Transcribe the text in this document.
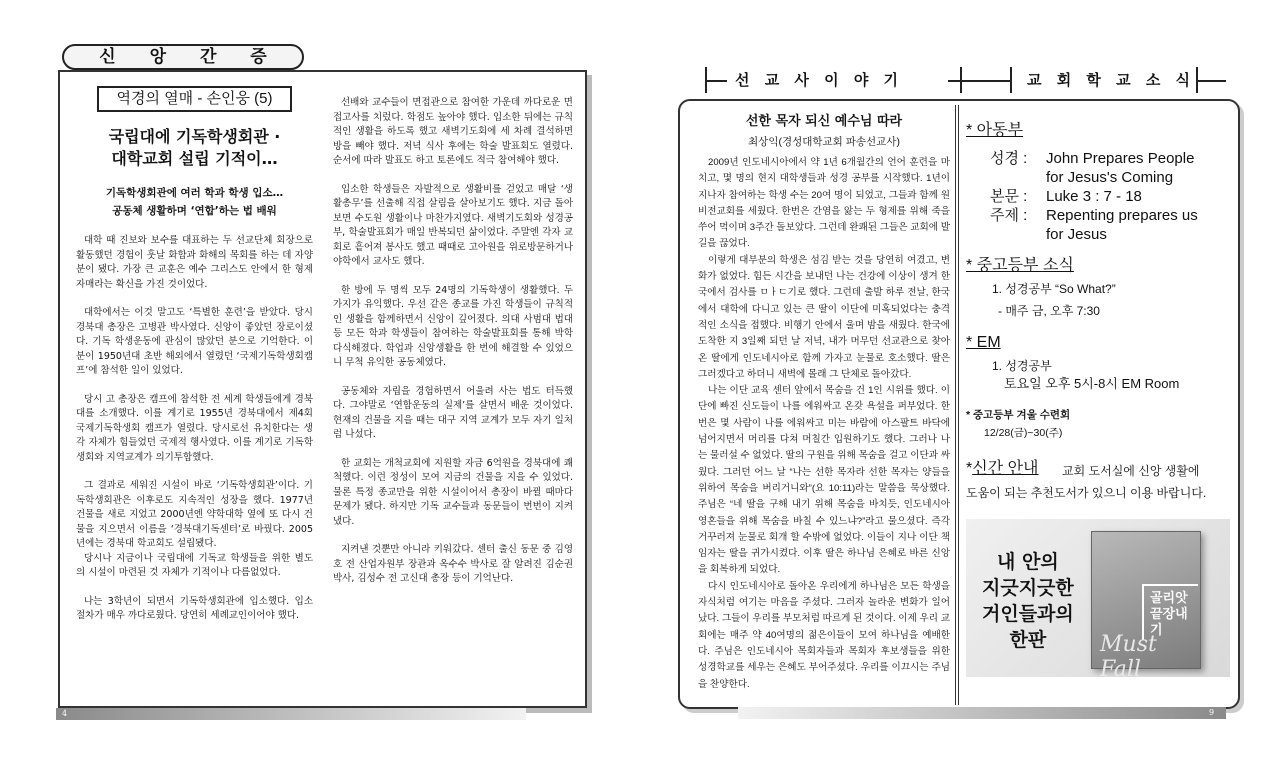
신 앙 간 증
역경의 열매 - 손인웅 (5)
국립대에 기독학생회관 ·
대학교회 설립 기적이…
기독학생회관에 여러 학과 학생 입소…
공동체 생활하며 ‘연합’하는 법 배워

대학 때 진보와 보수를 대표하는 두 선교단체 회장으로 활동했던 경험이 훗날 화합과 화해의 목회를 하는 데 자양분이 됐다. 가장 큰 교훈은 예수 그리스도 안에서 한 형제자매라는 확신을 가진 것이었다.

대학에서는 이것 말고도 ‘특별한 훈련’을 받았다. 당시 경북대 총장은 고병관 박사였다. 신앙이 좋았던 장로이셨다. 기독 학생운동에 관심이 많았던 분으로 기억한다. 이분이 1950년대 초반 해외에서 열렸던 ‘국제기독학생회캠프’에 참석한 일이 있었다.

당시 고 총장은 캠프에 참석한 전 세계 학생들에게 경북대를 소개했다. 이를 계기로 1955년 경북대에서 제4회 국제기독학생회 캠프가 열렸다. 당시로선 유치한다는 생각 자체가 힘들었던 국제적 행사였다. 이를 계기로 기독학생회와 지역교계가 의기투합했다.

그 결과로 세워진 시설이 바로 ‘기독학생회관’이다. 기독학생회관은 이후로도 지속적인 성장을 했다. 1977년 건물을 새로 지었고 2000년엔 약학대학 옆에 또 다시 건물을 지으면서 이름을 ‘경북대기독센터’로 바꿨다. 2005년에는 경북대 학교회도 설립됐다.

당시나 지금이나 국립대에 기독교 학생들을 위한 별도의 시설이 마련된 것 자체가 기적이나 다름없었다.

나는 3학년이 되면서 기독학생회관에 입소했다. 입소 절차가 매우 까다로웠다. 당연히 세례교인이어야 했다.

선배와 교수들이 면접관으로 참여한 가운데 까다로운 면접고사를 치렀다. 학점도 높아야 했다. 입소한 뒤에는 규칙적인 생활을 하도록 했고 새벽기도회에 세 차례 결석하면 방을 빼야 했다. 저녁 식사 후에는 학술 발표회도 열렸다. 순서에 따라 발표도 하고 토론에도 적극 참여해야 했다.

입소한 학생들은 자발적으로 생활비를 걷었고 매달 ‘생활총무’를 선출해 직접 살림을 살아보기도 했다. 지금 돌아보면 수도원 생활이나 마찬가지였다. 새벽기도회와 성경공부, 학술발표회가 매일 반복되던 삶이었다. 주말엔 각자 교회로 흩어져 봉사도 했고 때때로 고아원을 위로방문하거나 야학에서 교사도 했다.

한 방에 두 명씩 모두 24명의 기독학생이 생활했다. 두 가지가 유익했다. 우선 같은 종교를 가진 학생들이 규칙적인 생활을 함께하면서 신앙이 깊어졌다. 의대 사범대 법대 등 모든 학과 학생들이 참여하는 학술발표회를 통해 박학다식해졌다. 학업과 신앙생활을 한 번에 해결할 수 있었으니 무척 유익한 공동체였다.

공동체와 자립을 경험하면서 어울려 사는 법도 터득했다. 그야말로 ‘연합운동의 실제’를 살면서 배운 것이었다. 현재의 건물을 지을 때는 대구 지역 교계가 모두 자기 일처럼 나섰다.

한 교회는 개척교회에 지원할 자금 6억원을 경북대에 쾌척했다. 이런 정성이 모여 지금의 건물을 지을 수 있었다. 물론 특정 종교만을 위한 시설이어서 총장이 바뀔 때마다 문제가 됐다. 하지만 기독 교수들과 동문들이 번번이 지켜냈다.

지켜낸 것뿐만 아니라 키워갔다. 센터 출신 동문 중 김영호 전 산업자원부 장관과 옥수수 박사로 잘 알려진 김순권 박사, 김성수 전 고신대 총장 등이 기억난다.

4
선 교 사 이 야 기	교 회 학 교 소 식

선한 목자 되신 예수님 따라

최상익(경성대학교회 파송선교사)

2009년 인도네시아에서 약 1년 6개월간의 언어 훈련을 마치고, 몇 명의 현지 대학생들과 성경 공부를 시작했다. 1년이 지나자 참여하는 학생 수는 20여 명이 되었고, 그들과 함께 원비전교회를 세웠다. 한번은 간염을 앓는 두 형제를 위해 죽을 쑤어 먹이며 3주간 돌보았다. 그런데 완쾌된 그들은 교회에 발길을 끊었다.

이렇게 대부분의 학생은 섬김 받는 것을 당연히 여겼고, 변화가 없었다. 힘든 시간을 보내던 나는 건강에 이상이 생겨 한국에서 검사를 ㅁㅏㄷ기로 했다. 그런데 출발 하루 전날, 한국에서 대학에 다니고 있는 큰 딸이 이단에 미혹되었다는 충격적인 소식을 접했다. 비행기 안에서 울며 밤을 새웠다. 한국에 도착한 지 3일째 되던 날 저녁, 내가 머무던 선교관으로 찾아 온 딸에게 인도네시아로 함께 가자고 눈물로 호소했다. 딸은 그러겠다고 하더니 새벽에 몰래 그 단체로 돌아갔다.

나는 이단 교육 센터 앞에서 목숨을 건 1인 시위를 했다. 이단에 빠진 신도들이 나를 에워싸고 온갖 욕설을 퍼부었다. 한번은 몇 사람이 나를 에워싸고 미는 바람에 아스팔트 바닥에 넘어지면서 머리를 다쳐 머칠간 입원하기도 했다. 그러나 나는 물러설 수 없었다. 딸의 구원을 위해 목숨을 걸고 이단과 싸웠다. 그러던 어느 날 “나는 선한 목자라 선한 목자는 양들을 위하여 목숨을 버리거니와”(요 10:11)라는 말씀을 묵상했다. 주님은 “네 딸을 구해 내기 위해 목숨을 바치듯, 인도네시아 영혼들을 위해 목숨을 바칠 수 있느냐?”라고 물으셨다. 즉각 거꾸러져 눈물로 회개 할 수밖에 없었다. 이들이 지나 이단 책임자는 딸을 귀가시켰다. 이후 딸은 하나님 은혜로 바른 신앙을 회복하게 되었다.

다시 인도네시아로 돌아온 우리에게 하나님은 모든 학생을 자식처럼 여기는 마음을 주셨다. 그러자 놀라운 변화가 일어났다. 그들이 우리를 부모처럼 따르게 된 것이다. 이제 우리 교회에는 매주 약 40여명의 젊은이들이 모여 하나님을 예배한다. 주님은 인도네시아 목회자들과 목회자 후보생들을 위한 성경학교를 세우는 은혜도 부어주셨다. 우리를 이끄시는 주님을 찬양한다.

* 아동부
성경 : John Prepares People
for Jesus's Coming
본문 : Luke 3 : 7 - 18
주제 : Repenting prepares us
for Jesus
* 중고등부 소식
1. 성경공부 “So What?”
- 매주 금, 오후 7:30
* EM
1. 성경공부
토요일 오후 5시-8시 EM Room
* 중고등부 겨울 수련회
12/28(금)~30(주)
*신간 안내 교회 도서실에 신앙 생활에
도움이 되는 추천도서가 있으니 이용 바랍니다.
내 안의
지긋지긋한
거인들과의
한판
골리앗
끝장내기
Must Fall
9
